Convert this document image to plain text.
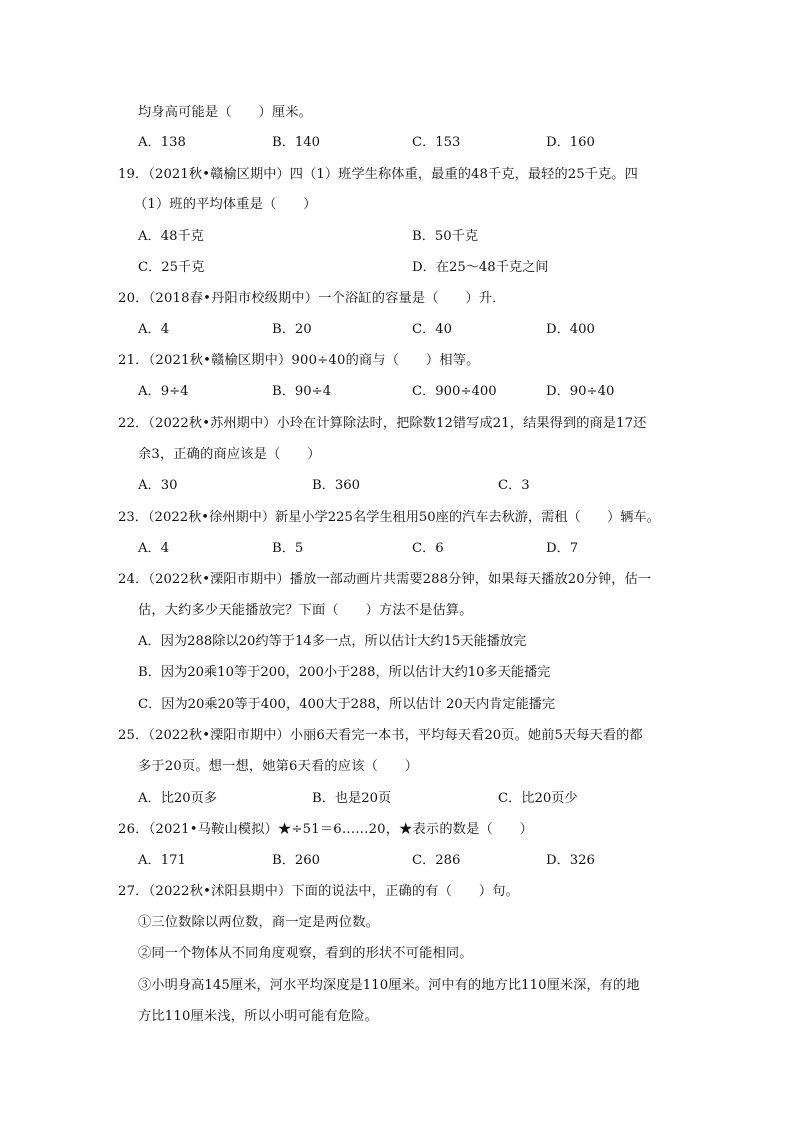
均身高可能是（　　）厘米。
A．138	B．140	C．153	D．160
19．（2021秋•赣榆区期中）四（1）班学生称体重，最重的48千克，最轻的25千克。四
（1）班的平均体重是（　　）
A．48千克	B．50千克
C．25千克	D．在25～48千克之间
20．（2018春•丹阳市校级期中）一个浴缸的容量是（　　）升．
A．4	B．20	C．40	D．400
21．（2021秋•赣榆区期中）900÷40的商与（　　）相等。
A．9÷4	B．90÷4	C．900÷400	D．90÷40
22．（2022秋•苏州期中）小玲在计算除法时，把除数12错写成21，结果得到的商是17还
余3，正确的商应该是（　　）
A．30	B．360	C．3
23．（2022秋•徐州期中）新星小学225名学生租用50座的汽车去秋游，需租（　　）辆车。
A．4	B．5	C．6	D．7
24．（2022秋•溧阳市期中）播放一部动画片共需要288分钟，如果每天播放20分钟，估一
估，大约多少天能播放完？下面（　　）方法不是估算。
A．因为288除以20约等于14多一点，所以估计大约15天能播放完
B．因为20乘10等于200，200小于288，所以估计大约10多天能播完
C．因为20乘20等于400，400大于288，所以估计 20天内肯定能播完
25．（2022秋•溧阳市期中）小丽6天看完一本书，平均每天看20页。她前5天每天看的都
多于20页。想一想，她第6天看的应该（　　）
A．比20页多	B．也是20页	C．比20页少
26．（2021•马鞍山模拟）★÷51＝6……20，★表示的数是（　　）
A．171	B．260	C．286	D．326
27．（2022秋•沭阳县期中）下面的说法中，正确的有（　　）句。
①三位数除以两位数，商一定是两位数。
②同一个物体从不同角度观察，看到的形状不可能相同。
③小明身高145厘米，河水平均深度是110厘米。河中有的地方比110厘米深，有的地
方比110厘米浅，所以小明可能有危险。
